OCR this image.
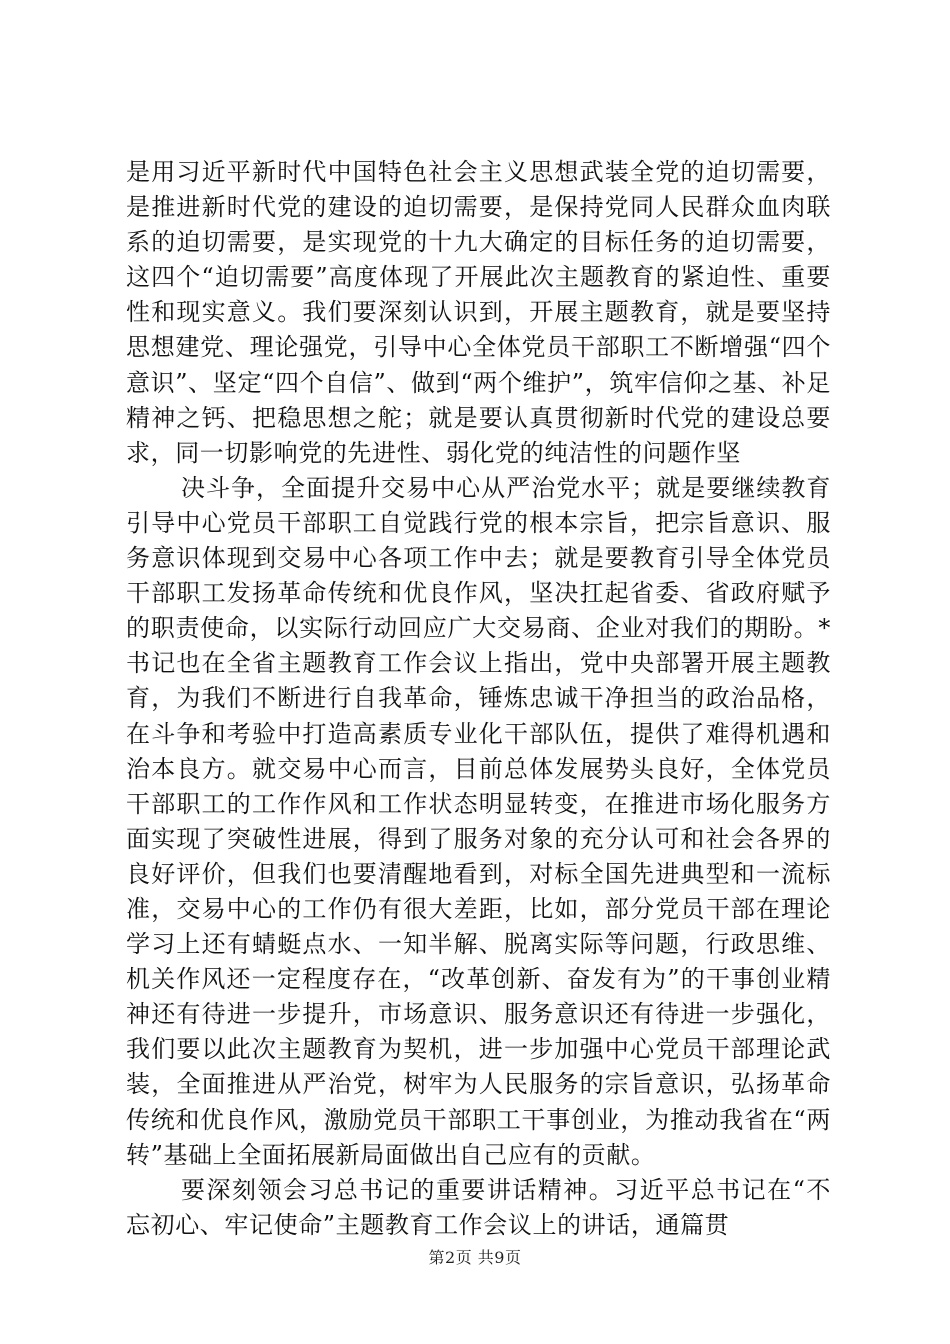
是用习近平新时代中国特色社会主义思想武装全党的迫切需要，是推进新时代党的建设的迫切需要，是保持党同人民群众血肉联系的迫切需要，是实现党的十九大确定的目标任务的迫切需要，这四个“迫切需要”高度体现了开展此次主题教育的紧迫性、重要性和现实意义。我们要深刻认识到，开展主题教育，就是要坚持思想建党、理论强党，引导中心全体党员干部职工不断增强“四个意识”、坚定“四个自信”、做到“两个维护”，筑牢信仰之基、补足精神之钙、把稳思想之舵；就是要认真贯彻新时代党的建设总要求，同一切影响党的先进性、弱化党的纯洁性的问题作坚

决斗争，全面提升交易中心从严治党水平；就是要继续教育引导中心党员干部职工自觉践行党的根本宗旨，把宗旨意识、服务意识体现到交易中心各项工作中去；就是要教育引导全体党员干部职工发扬革命传统和优良作风，坚决扛起省委、省政府赋予的职责使命，以实际行动回应广大交易商、企业对我们的期盼。*书记也在全省主题教育工作会议上指出，党中央部署开展主题教育，为我们不断进行自我革命，锤炼忠诚干净担当的政治品格，在斗争和考验中打造高素质专业化干部队伍，提供了难得机遇和治本良方。就交易中心而言，目前总体发展势头良好，全体党员干部职工的工作作风和工作状态明显转变，在推进市场化服务方面实现了突破性进展，得到了服务对象的充分认可和社会各界的良好评价，但我们也要清醒地看到，对标全国先进典型和一流标准，交易中心的工作仍有很大差距，比如，部分党员干部在理论学习上还有蜻蜓点水、一知半解、脱离实际等问题，行政思维、机关作风还一定程度存在，“改革创新、奋发有为”的干事创业精神还有待进一步提升，市场意识、服务意识还有待进一步强化，我们要以此次主题教育为契机，进一步加强中心党员干部理论武装，全面推进从严治党，树牢为人民服务的宗旨意识，弘扬革命传统和优良作风，激励党员干部职工干事创业，为推动我省在“两转”基础上全面拓展新局面做出自己应有的贡献。

要深刻领会习总书记的重要讲话精神。习近平总书记在“不忘初心、牢记使命”主题教育工作会议上的讲话，通篇贯

第2页 共9页
